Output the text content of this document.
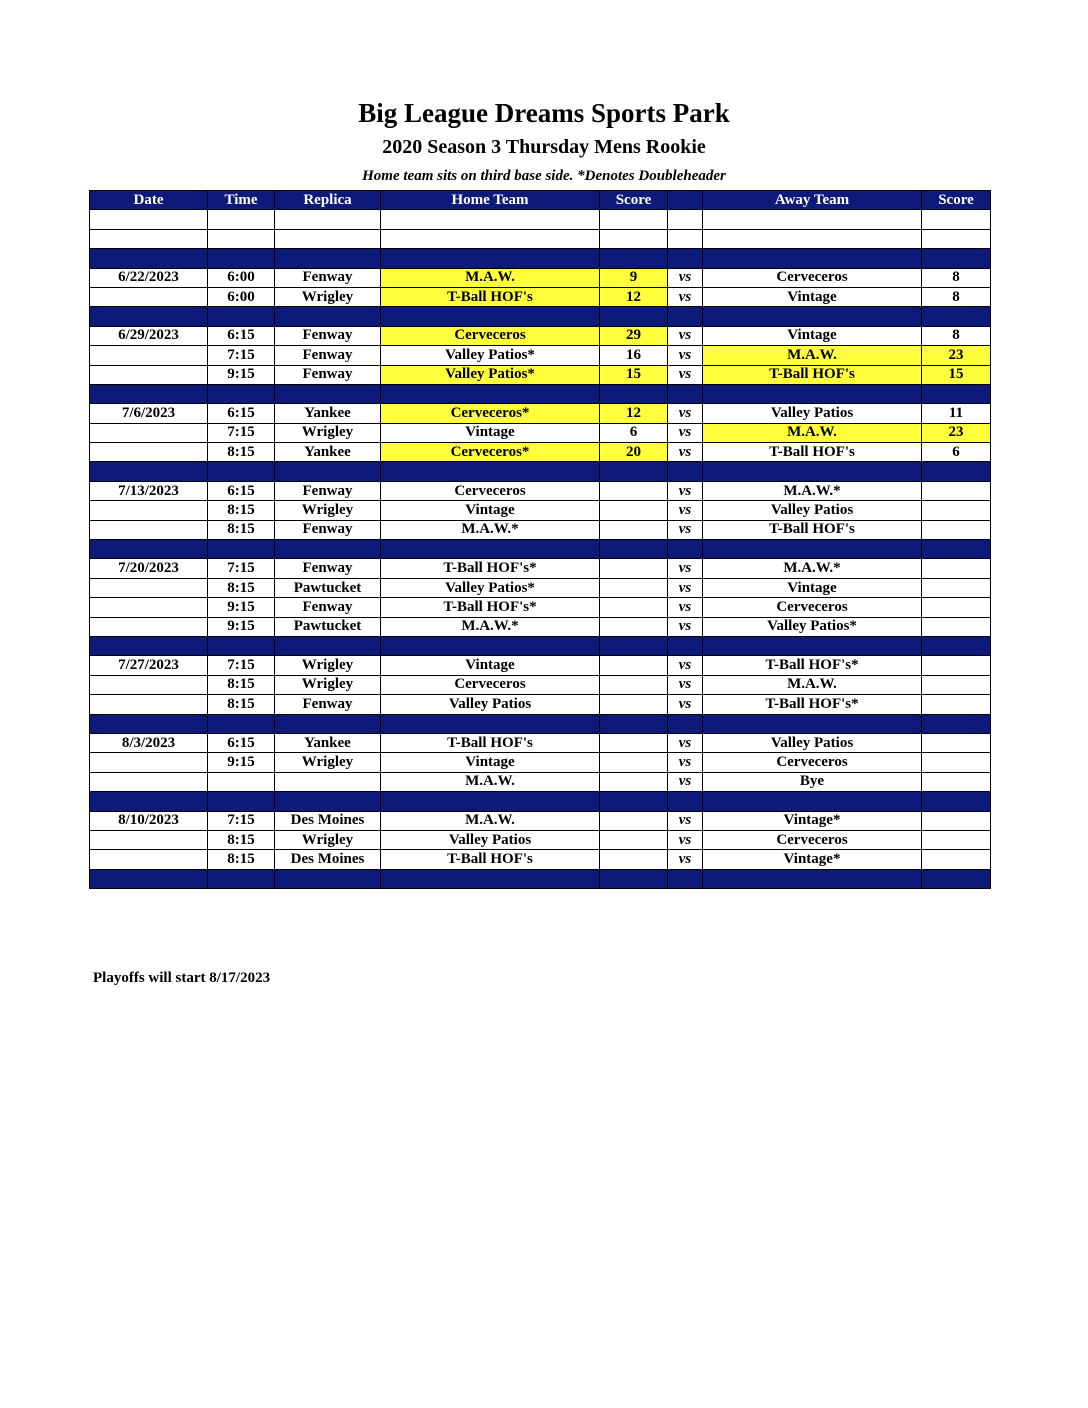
Big League Dreams Sports Park
2020 Season 3 Thursday Mens Rookie
Home team sits on third base side. *Denotes Doubleheader
Date	Time	Replica	Home Team	Score		Away Team	Score

6/22/2023	6:00	Fenway	M.A.W.	9	vs	Cerveceros	8
	6:00	Wrigley	T-Ball HOF's	12	vs	Vintage	8

6/29/2023	6:15	Fenway	Cerveceros	29	vs	Vintage	8
	7:15	Fenway	Valley Patios*	16	vs	M.A.W.	23
	9:15	Fenway	Valley Patios*	15	vs	T-Ball HOF's	15

7/6/2023	6:15	Yankee	Cerveceros*	12	vs	Valley Patios	11
	7:15	Wrigley	Vintage	6	vs	M.A.W.	23
	8:15	Yankee	Cerveceros*	20	vs	T-Ball HOF's	6

7/13/2023	6:15	Fenway	Cerveceros		vs	M.A.W.*	
	8:15	Wrigley	Vintage		vs	Valley Patios	
	8:15	Fenway	M.A.W.*		vs	T-Ball HOF's	

7/20/2023	7:15	Fenway	T-Ball HOF's*		vs	M.A.W.*	
	8:15	Pawtucket	Valley Patios*		vs	Vintage	
	9:15	Fenway	T-Ball HOF's*		vs	Cerveceros	
	9:15	Pawtucket	M.A.W.*		vs	Valley Patios*	

7/27/2023	7:15	Wrigley	Vintage		vs	T-Ball HOF's*	
	8:15	Wrigley	Cerveceros		vs	M.A.W.	
	8:15	Fenway	Valley Patios		vs	T-Ball HOF's*	

8/3/2023	6:15	Yankee	T-Ball HOF's		vs	Valley Patios	
	9:15	Wrigley	Vintage		vs	Cerveceros	
			M.A.W.		vs	Bye	

8/10/2023	7:15	Des Moines	M.A.W.		vs	Vintage*	
	8:15	Wrigley	Valley Patios		vs	Cerveceros	
	8:15	Des Moines	T-Ball HOF's		vs	Vintage*	

Playoffs will start 8/17/2023
